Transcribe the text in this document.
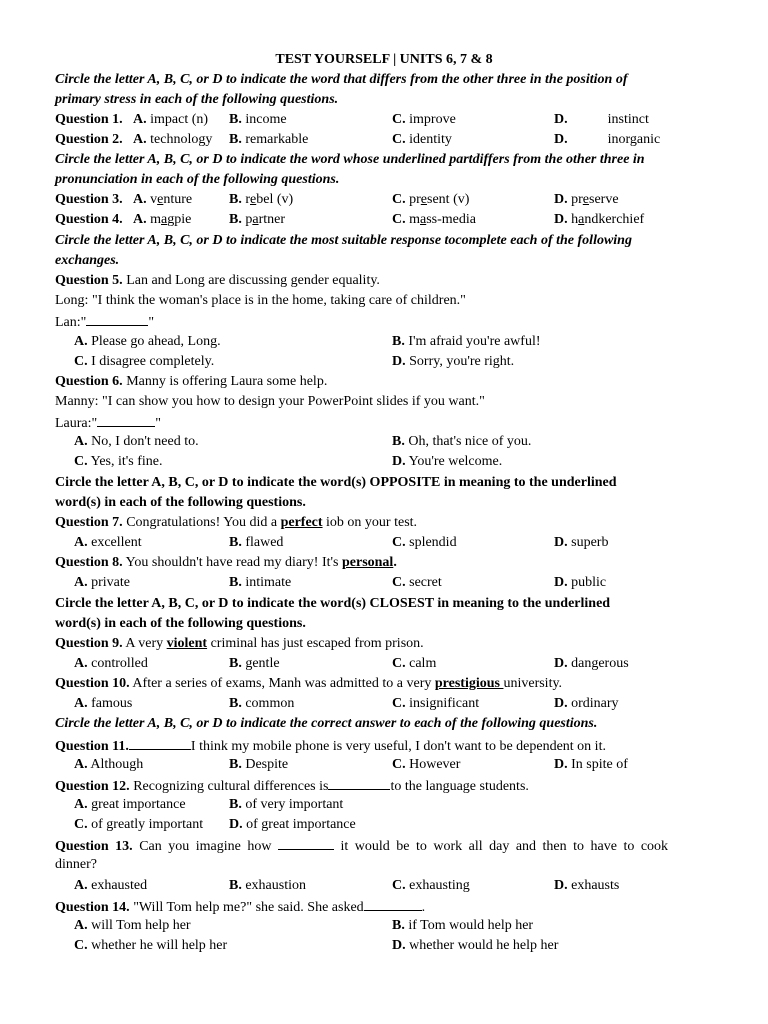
TEST YOURSELF | UNITS 6, 7 & 8
Circle the letter A, B, C, or D to indicate the word that differs from the other three in the position of
primary stress in each of the following questions.
Question 1. A. impact (n) B. income	C. improve	D.	instinct
Question 2. A. technology B. remarkable	C. identity	D.	inorganic
Circle the letter A, B, C, or D to indicate the word whose underlined partdiffers from the other three in
pronunciation in each of the following questions.
Question 3. A. venture	B. rebel (v)	C. present (v)	D. preserve
Question 4. A. magpie	B. partner	C. mass-media	D. handkerchief
Circle the letter A, B, C, or D to indicate the most suitable response tocomplete each of the following
exchanges.
Question 5. Lan and Long are discussing gender equality.
Long: "I think the woman's place is in the home, taking care of children."
Lan:"	"
A. Please go ahead, Long.	B. I'm afraid you're awful!
C. I disagree completely.	D. Sorry, you're right.
Question 6. Manny is offering Laura some help.
Manny: "I can show you how to design your PowerPoint slides if you want."
Laura:"	"
A. No, I don't need to.	B. Oh, that's nice of you.
C. Yes, it's fine.	D. You're welcome.
Circle the letter A, B, C, or D to indicate the word(s) OPPOSITE in meaning to the underlined
word(s) in each of the following questions.
Question 7. Congratulations! You did a perfect iob on your test.
A. excellent	B. flawed	C. splendid	D. superb
Question 8. You shouldn't have read my diary! It's personal.
A. private	B. intimate	C. secret	D. public
Circle the letter A, B, C, or D to indicate the word(s) CLOSEST in meaning to the underlined
word(s) in each of the following questions.
Question 9. A very violent criminal has just escaped from prison.
A. controlled	B. gentle	C. calm	D. dangerous
Question 10. After a series of exams, Manh was admitted to a very prestigious university.
A. famous	B. common	C. insignificant	D. ordinary
Circle the letter A, B, C, or D to indicate the correct answer to each of the following questions.
Question 11.	I think my mobile phone is very useful, I don't want to be dependent on it.
A. Although	B. Despite	C. However	D. In spite of
Question 12. Recognizing cultural differences is	to the language students.
A. great importance	B. of very important
C. of greatly important D. of great importance
Question 13. Can you imagine how	it would be to work all day and then to have to cook
dinner?
A. exhausted	B. exhaustion	C. exhausting	D. exhausts
Question 14. "Will Tom help me?" she said. She asked	.
A. will Tom help her	B. if Tom would help her
C. whether he will help her	D. whether would he help her
